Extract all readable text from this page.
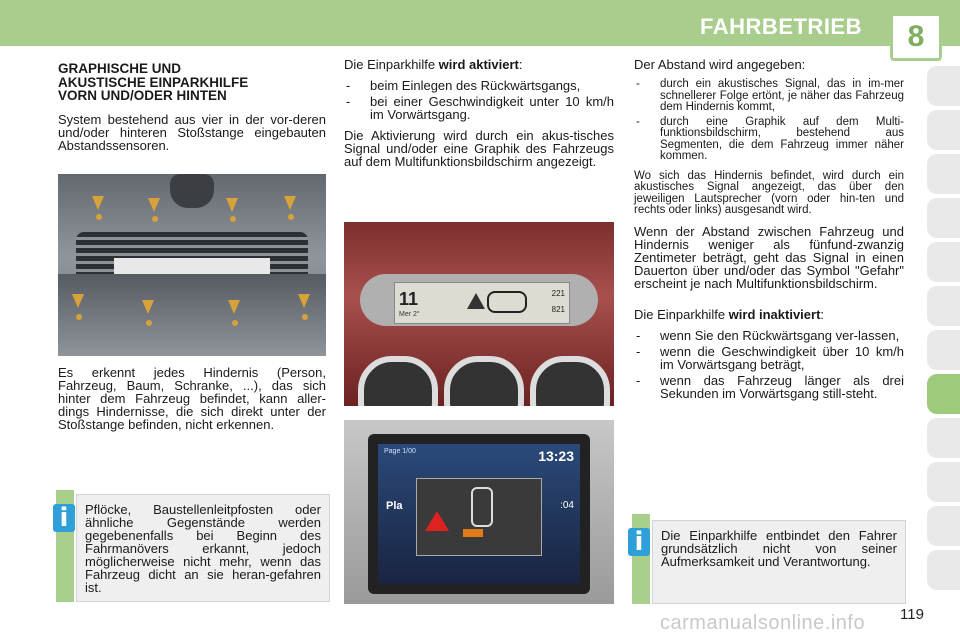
FAHRBETRIEB	8
GRAPHISCHE UND
AKUSTISCHE EINPARKHILFE
VORN UND/ODER HINTEN

System bestehend aus vier in der vor-deren und/oder hinteren Stoßstange eingebauten Abstandssensoren.

Es erkennt jedes Hindernis (Person, Fahrzeug, Baum, Schranke, ...), das sich hinter dem Fahrzeug befindet, kann aller-dings Hindernisse, die sich direkt unter der Stoßstange befinden, nicht erkennen.

Pflöcke, Baustellenleitpfosten oder ähnliche Gegenstände werden gegebenenfalls bei Beginn des Fahrmanövers erkannt, jedoch möglicherweise nicht mehr, wenn das Fahrzeug dicht an sie heran-gefahren ist.
i

Die Einparkhilfe wird aktiviert:

- beim Einlegen des Rückwärtsgangs,
- bei einer Geschwindigkeit unter 10 km/h im Vorwärtsgang.

Die Aktivierung wird durch ein akus-tisches Signal und/oder eine Graphik des Fahrzeugs auf dem Multifunktionsbildschirm angezeigt.

11
Mer 2°
221
821
Page 1/00	13:23
Pla	:04

Der Abstand wird angegeben:

- durch ein akustisches Signal, das in im-mer schnellerer Folge ertönt, je näher das Fahrzeug dem Hindernis kommt,
- durch eine Graphik auf dem Multi-funktionsbildschirm, bestehend aus Segmenten, die dem Fahrzeug immer näher kommen.

Wo sich das Hindernis befindet, wird durch ein akustisches Signal angezeigt, das über den jeweiligen Lautsprecher (vorn oder hin-ten und rechts oder links) ausgesandt wird.

Wenn der Abstand zwischen Fahrzeug und Hindernis weniger als fünfund-zwanzig Zentimeter beträgt, geht das Signal in einen Dauerton über und/oder das Symbol "Gefahr" erscheint je nach Multifunktionsbildschirm.

Die Einparkhilfe wird inaktiviert:

- wenn Sie den Rückwärtsgang ver-lassen,
- wenn die Geschwindigkeit über 10 km/h im Vorwärtsgang beträgt,
- wenn das Fahrzeug länger als drei Sekunden im Vorwärtsgang still-steht.
Die Einparkhilfe entbindet den Fahrer grundsätzlich nicht von seiner Aufmerksamkeit und Verantwortung.
i
carmanualsonline.info 119
